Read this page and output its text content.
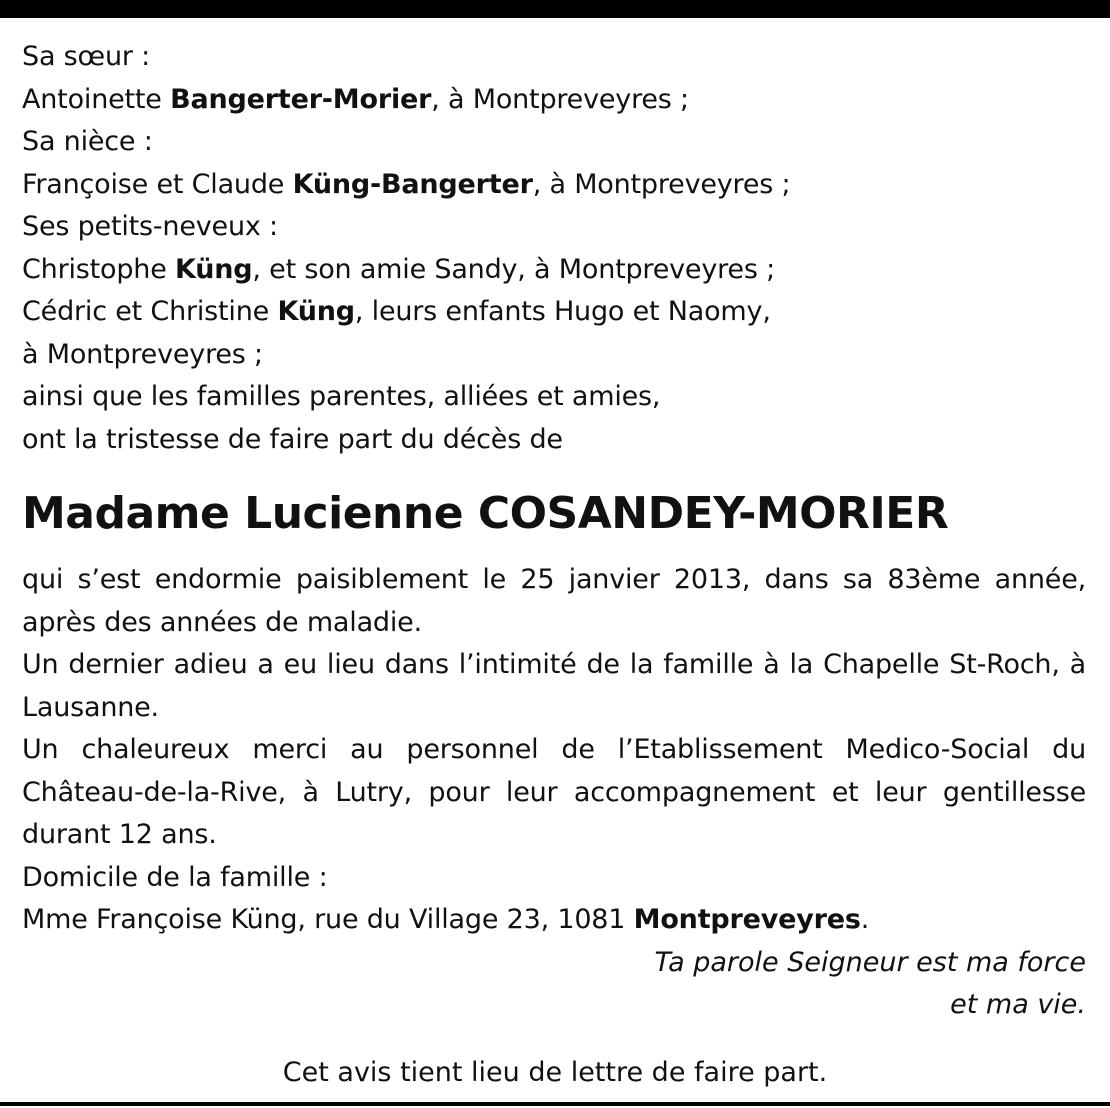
Sa sœur :
Antoinette Bangerter-Morier, à Montpreveyres ;
Sa nièce :
Françoise et Claude Küng-Bangerter, à Montpreveyres ;
Ses petits-neveux :
Christophe Küng, et son amie Sandy, à Montpreveyres ;
Cédric et Christine Küng, leurs enfants Hugo et Naomy,
à Montpreveyres ;
ainsi que les familles parentes, alliées et amies,
ont la tristesse de faire part du décès de
Madame Lucienne COSANDEY-MORIER
qui s’est endormie paisiblement le 25 janvier 2013, dans sa 83ème année, après des années de maladie.
Un dernier adieu a eu lieu dans l’intimité de la famille à la Chapelle St-Roch, à Lausanne.
Un chaleureux merci au personnel de l’Etablissement Medico-Social du Château-de-la-Rive, à Lutry, pour leur accompagnement et leur gentillesse durant 12 ans.
Domicile de la famille :
Mme Françoise Küng, rue du Village 23, 1081 Montpreveyres.
Ta parole Seigneur est ma force
et ma vie.
Cet avis tient lieu de lettre de faire part.
